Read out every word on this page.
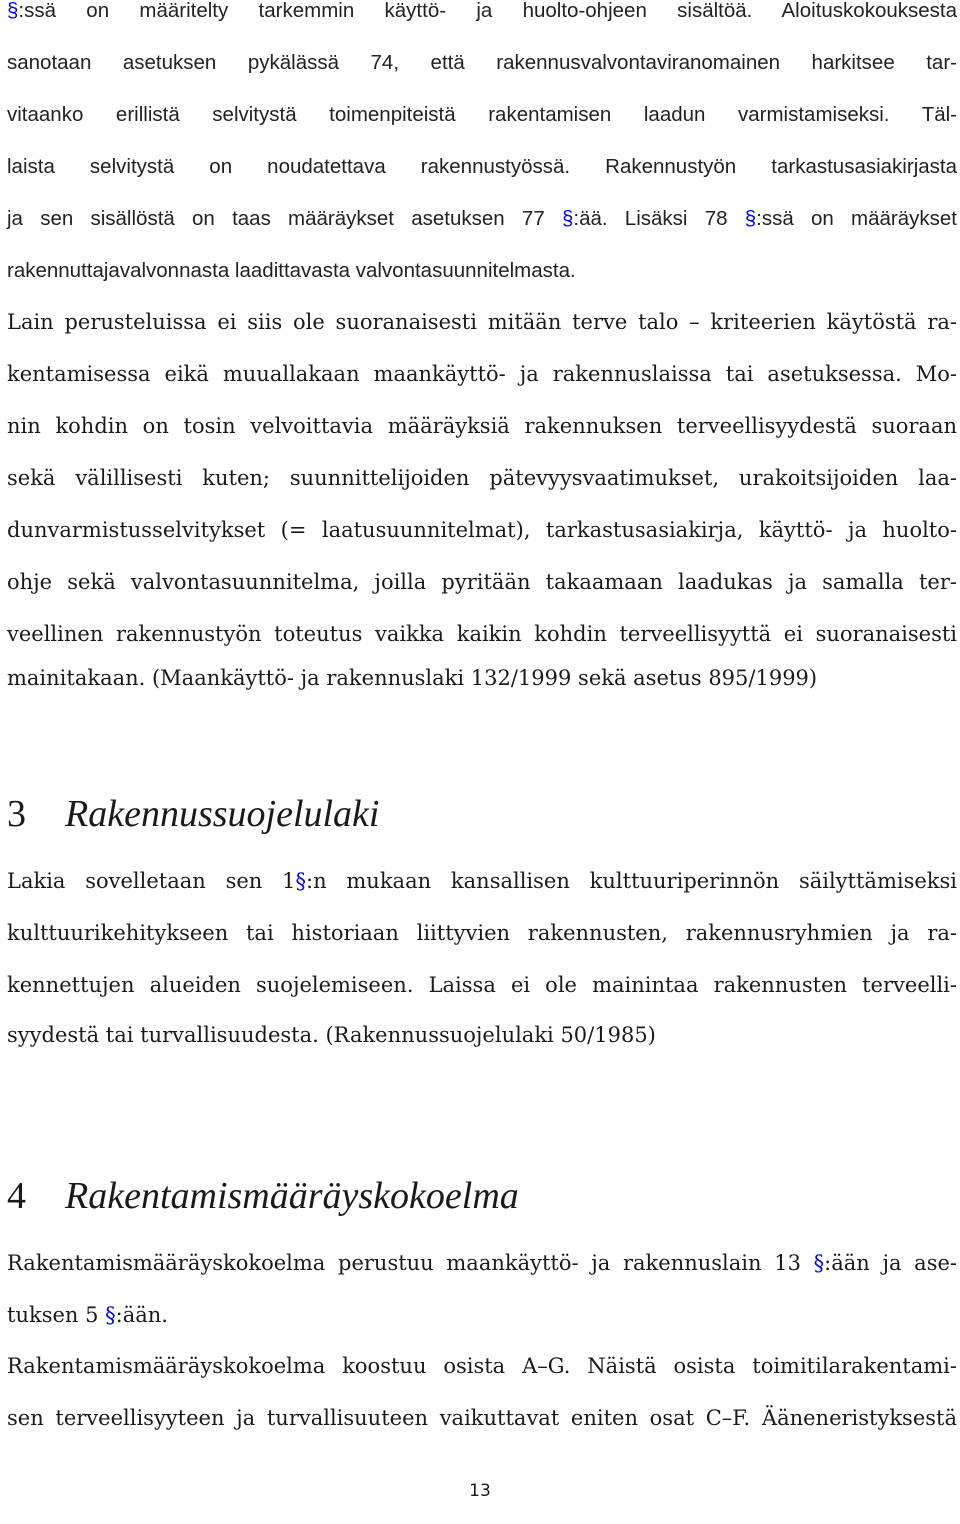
§:ssä on määritelty tarkemmin käyttö- ja huolto-ohjeen sisältöä. Aloituskokouksesta
sanotaan asetuksen pykälässä 74, että rakennusvalvontaviranomainen harkitsee tar-
vitaanko erillistä selvitystä toimenpiteistä rakentamisen laadun varmistamiseksi. Täl-
laista selvitystä on noudatettava rakennustyössä. Rakennustyön tarkastusasiakirjasta
ja sen sisällöstä on taas määräykset asetuksen 77 §:ää. Lisäksi 78 §:ssä on määräykset
rakennuttajavalvonnasta laadittavasta valvontasuunnitelmasta.
Lain perusteluissa ei siis ole suoranaisesti mitään terve talo – kriteerien käytöstä ra-
kentamisessa eikä muuallakaan maankäyttö- ja rakennuslaissa tai asetuksessa. Mo-
nin kohdin on tosin velvoittavia määräyksiä rakennuksen terveellisyydestä suoraan
sekä välillisesti kuten; suunnittelijoiden pätevyysvaatimukset, urakoitsijoiden laa-
dunvarmistusselvitykset (= laatusuunnitelmat), tarkastusasiakirja, käyttö- ja huolto-
ohje sekä valvontasuunnitelma, joilla pyritään takaamaan laadukas ja samalla ter-
veellinen rakennustyön toteutus vaikka kaikin kohdin terveellisyyttä ei suoranaisesti
mainitakaan. (Maankäyttö- ja rakennuslaki 132/1999 sekä asetus 895/1999)
3 Rakennussuojelulaki
Lakia sovelletaan sen 1§:n mukaan kansallisen kulttuuriperinnön säilyttämiseksi
kulttuurikehitykseen tai historiaan liittyvien rakennusten, rakennusryhmien ja ra-
kennettujen alueiden suojelemiseen. Laissa ei ole mainintaa rakennusten terveelli-
syydestä tai turvallisuudesta. (Rakennussuojelulaki 50/1985)
4 Rakentamismääräyskokoelma
Rakentamismääräyskokoelma perustuu maankäyttö- ja rakennuslain 13 §:ään ja ase-
tuksen 5 §:ään.
Rakentamismääräyskokoelma koostuu osista A–G. Näistä osista toimitilarakentami-
sen terveellisyyteen ja turvallisuuteen vaikuttavat eniten osat C–F. Ääneneristyksestä
13
